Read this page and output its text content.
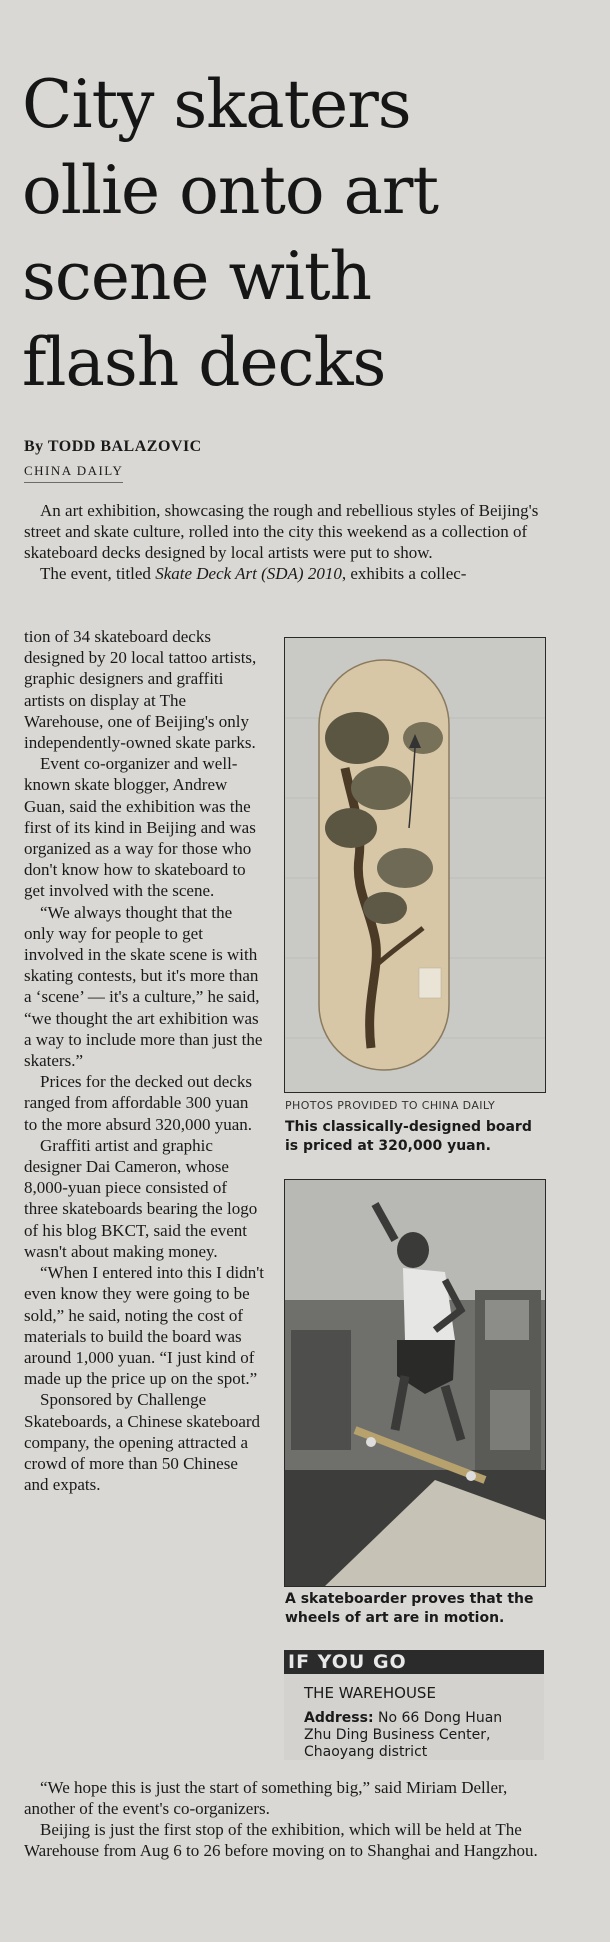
City skaters ollie onto art scene with flash decks
By TODD BALAZOVIC
CHINA DAILY

An art exhibition, showcasing the rough and rebellious styles of Beijing's street and skate culture, rolled into the city this weekend as a collection of skateboard decks designed by local artists were put to show.

The event, titled Skate Deck Art (SDA) 2010, exhibits a collec-

tion of 34 skateboard decks designed by 20 local tattoo artists, graphic designers and graffiti artists on display at The Warehouse, one of Beijing's only independently-owned skate parks.

Event co-organizer and well-known skate blogger, Andrew Guan, said the exhibition was the first of its kind in Beijing and was organized as a way for those who don't know how to skateboard to get involved with the scene.

“We always thought that the only way for people to get involved in the skate scene is with skating contests, but it's more than a ‘scene’ — it's a culture,” he said, “we thought the art exhibition was a way to include more than just the skaters.”

Prices for the decked out decks ranged from affordable 300 yuan to the more absurd 320,000 yuan.

Graffiti artist and graphic designer Dai Cameron, whose 8,000-yuan piece consisted of three skateboards bearing the logo of his blog BKCT, said the event wasn't about making money.

“When I entered into this I didn't even know they were going to be sold,” he said, noting the cost of materials to build the board was around 1,000 yuan. “I just kind of made up the price up on the spot.”

Sponsored by Challenge Skateboards, a Chinese skateboard company, the opening attracted a crowd of more than 50 Chinese and expats.

PHOTOS PROVIDED TO CHINA DAILY
This classically-designed board is priced at 320,000 yuan.
A skateboarder proves that the wheels of art are in motion.
IF YOU GO
THE WAREHOUSE
Address: No 66 Dong Huan Zhu Ding Business Center, Chaoyang district

“We hope this is just the start of something big,” said Miriam Deller, another of the event's co-organizers.

Beijing is just the first stop of the exhibition, which will be held at The Warehouse from Aug 6 to 26 before moving on to Shanghai and Hangzhou.
